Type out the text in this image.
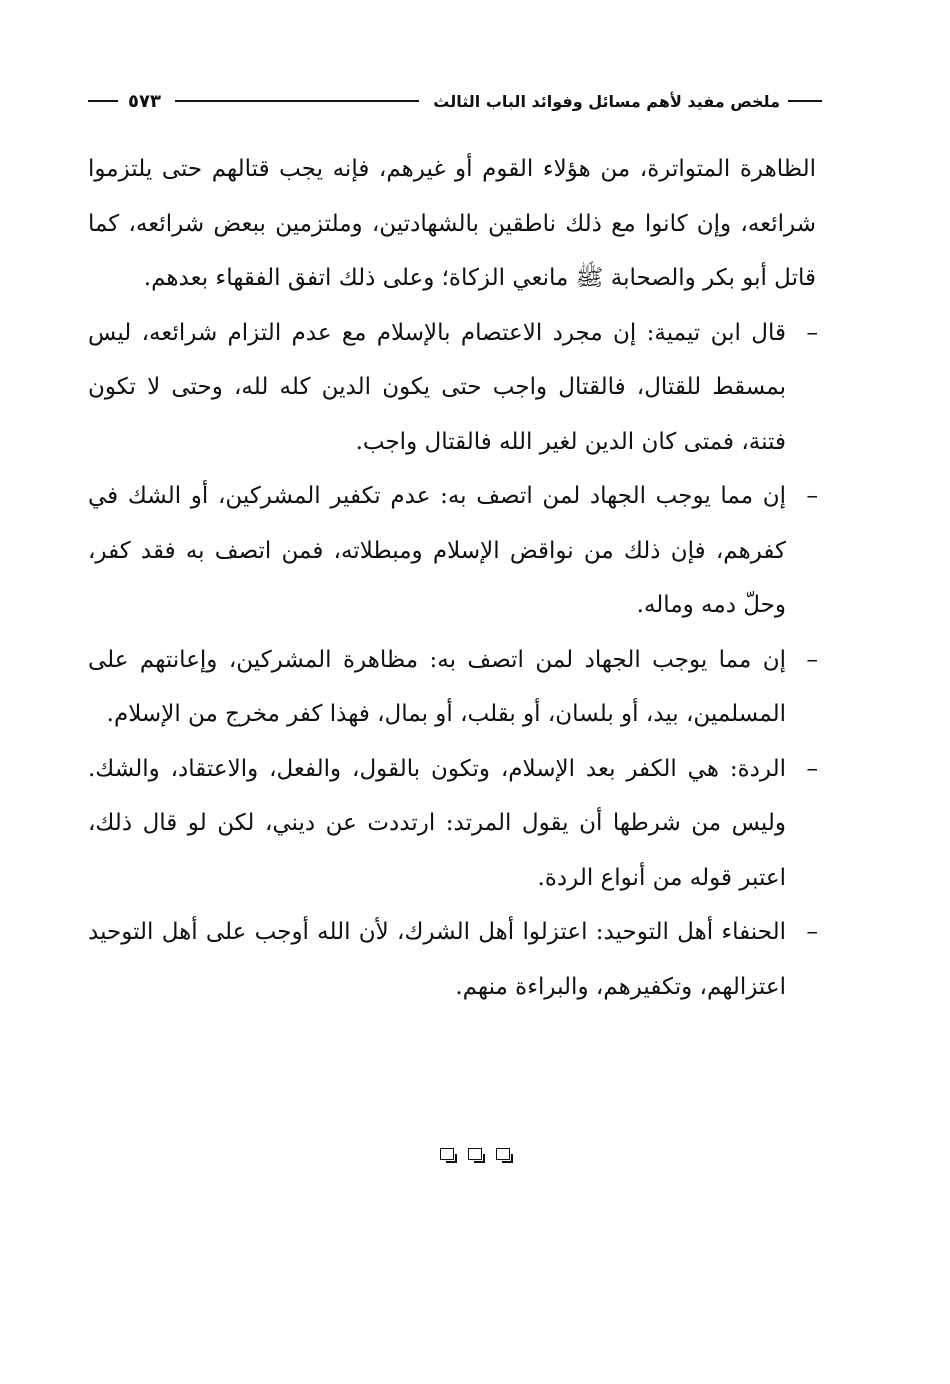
ملخص مفيد لأهم مسائل وفوائد الباب الثالث
٥٧٣

الظاهرة المتواترة، من هؤلاء القوم أو غيرهم، فإنه يجب قتالهم حتى يلتزموا شرائعه، وإن كانوا مع ذلك ناطقين بالشهادتين، وملتزمين ببعض شرائعه، كما قاتل أبو بكر والصحابة ﷺ مانعي الزكاة؛ وعلى ذلك اتفق الفقهاء بعدهم.

–
قال ابن تيمية: إن مجرد الاعتصام بالإسلام مع عدم التزام شرائعه، ليس بمسقط للقتال، فالقتال واجب حتى يكون الدين كله لله، وحتى لا تكون فتنة، فمتى كان الدين لغير الله فالقتال واجب.

–
إن مما يوجب الجهاد لمن اتصف به: عدم تكفير المشركين، أو الشك في كفرهم، فإن ذلك من نواقض الإسلام ومبطلاته، فمن اتصف به فقد كفر، وحلّ دمه وماله.

–
إن مما يوجب الجهاد لمن اتصف به: مظاهرة المشركين، وإعانتهم على المسلمين، بيد، أو بلسان، أو بقلب، أو بمال، فهذا كفر مخرج من الإسلام.

–
الردة: هي الكفر بعد الإسلام، وتكون بالقول، والفعل، والاعتقاد، والشك. وليس من شرطها أن يقول المرتد: ارتددت عن ديني، لكن لو قال ذلك، اعتبر قوله من أنواع الردة.

–
الحنفاء أهل التوحيد: اعتزلوا أهل الشرك، لأن الله أوجب على أهل التوحيد اعتزالهم، وتكفيرهم، والبراءة منهم.
